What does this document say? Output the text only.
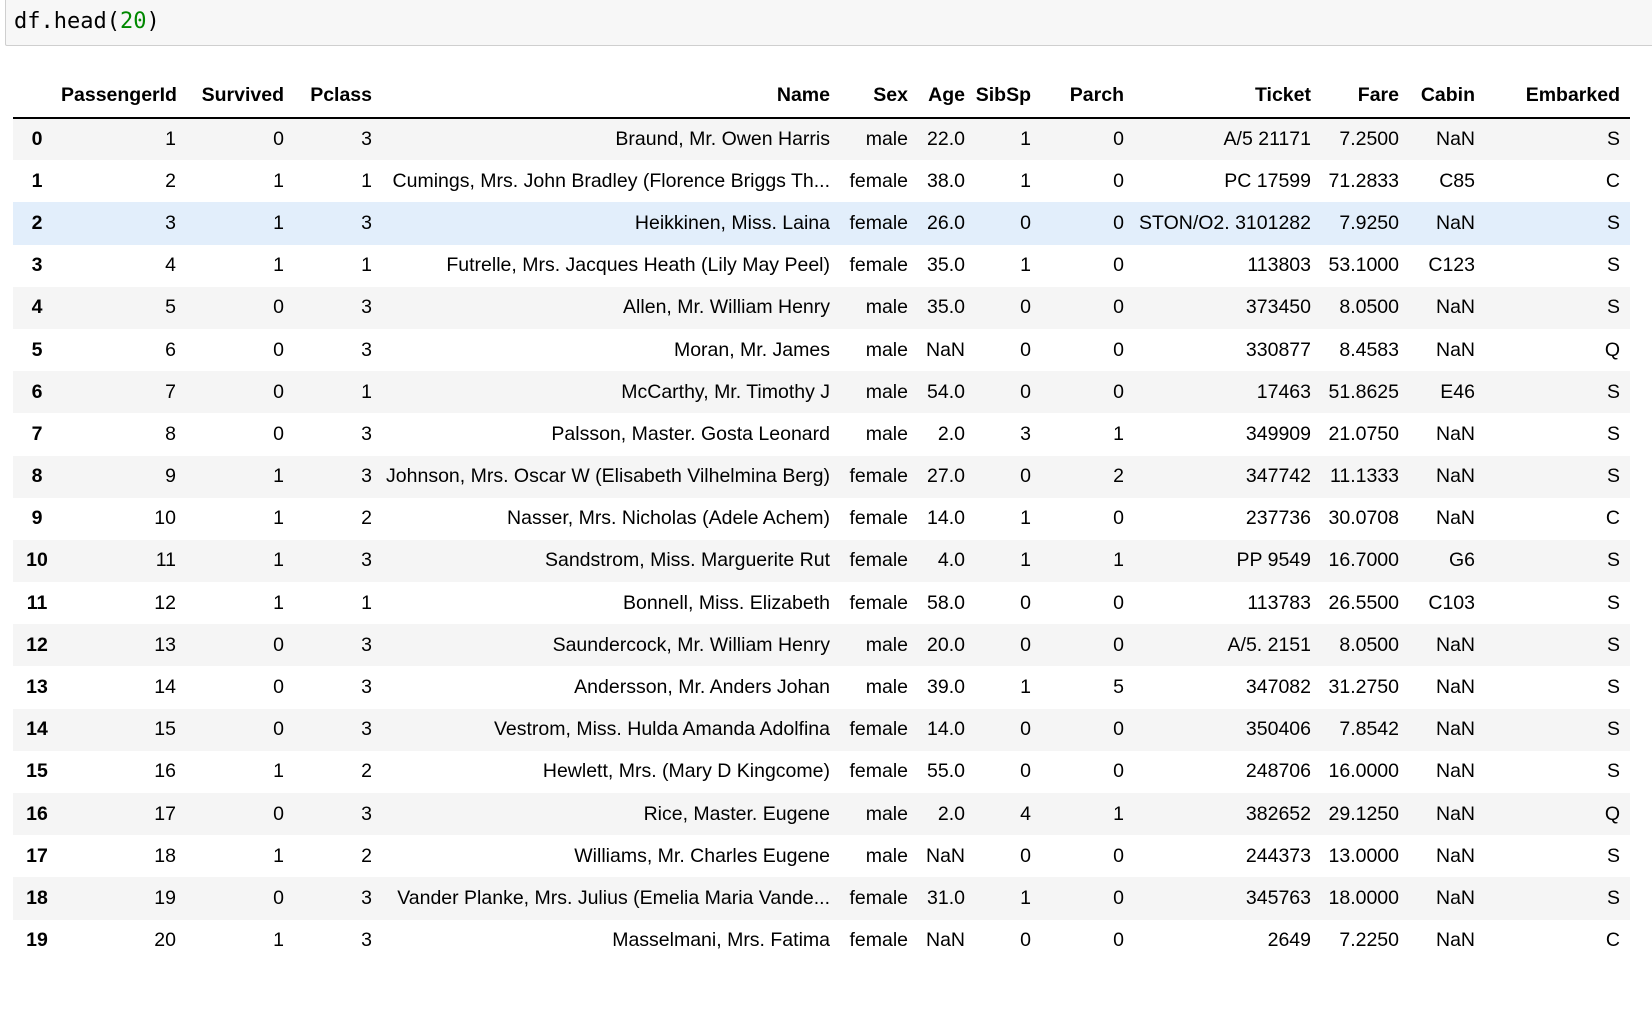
df.head(20)
	PassengerId	Survived	Pclass	Name	Sex	Age	SibSp	Parch	Ticket	Fare	Cabin	Embarked
0	1	0	3	Braund, Mr. Owen Harris	male	22.0	1	0	A/5 21171	7.2500	NaN	S
1	2	1	1	Cumings, Mrs. John Bradley (Florence Briggs Th...	female	38.0	1	0	PC 17599	71.2833	C85	C
2	3	1	3	Heikkinen, Miss. Laina	female	26.0	0	0	STON/O2. 3101282	7.9250	NaN	S
3	4	1	1	Futrelle, Mrs. Jacques Heath (Lily May Peel)	female	35.0	1	0	113803	53.1000	C123	S
4	5	0	3	Allen, Mr. William Henry	male	35.0	0	0	373450	8.0500	NaN	S
5	6	0	3	Moran, Mr. James	male	NaN	0	0	330877	8.4583	NaN	Q
6	7	0	1	McCarthy, Mr. Timothy J	male	54.0	0	0	17463	51.8625	E46	S
7	8	0	3	Palsson, Master. Gosta Leonard	male	2.0	3	1	349909	21.0750	NaN	S
8	9	1	3	Johnson, Mrs. Oscar W (Elisabeth Vilhelmina Berg)	female	27.0	0	2	347742	11.1333	NaN	S
9	10	1	2	Nasser, Mrs. Nicholas (Adele Achem)	female	14.0	1	0	237736	30.0708	NaN	C
10	11	1	3	Sandstrom, Miss. Marguerite Rut	female	4.0	1	1	PP 9549	16.7000	G6	S
11	12	1	1	Bonnell, Miss. Elizabeth	female	58.0	0	0	113783	26.5500	C103	S
12	13	0	3	Saundercock, Mr. William Henry	male	20.0	0	0	A/5. 2151	8.0500	NaN	S
13	14	0	3	Andersson, Mr. Anders Johan	male	39.0	1	5	347082	31.2750	NaN	S
14	15	0	3	Vestrom, Miss. Hulda Amanda Adolfina	female	14.0	0	0	350406	7.8542	NaN	S
15	16	1	2	Hewlett, Mrs. (Mary D Kingcome)	female	55.0	0	0	248706	16.0000	NaN	S
16	17	0	3	Rice, Master. Eugene	male	2.0	4	1	382652	29.1250	NaN	Q
17	18	1	2	Williams, Mr. Charles Eugene	male	NaN	0	0	244373	13.0000	NaN	S
18	19	0	3	Vander Planke, Mrs. Julius (Emelia Maria Vande...	female	31.0	1	0	345763	18.0000	NaN	S
19	20	1	3	Masselmani, Mrs. Fatima	female	NaN	0	0	2649	7.2250	NaN	C
